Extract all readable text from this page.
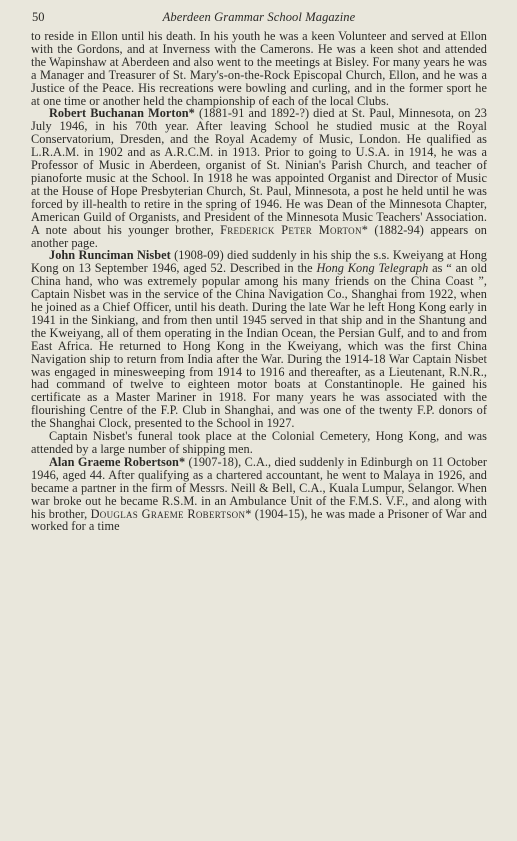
50	Aberdeen Grammar School Magazine

to reside in Ellon until his death. In his youth he was a keen Volunteer and served at Ellon with the Gordons, and at Inverness with the Camerons. He was a keen shot and attended the Wapinshaw at Aberdeen and also went to the meetings at Bisley. For many years he was a Manager and Treasurer of St. Mary's-on-the-Rock Episcopal Church, Ellon, and he was a Justice of the Peace. His recreations were bowling and curling, and in the former sport he at one time or another held the championship of each of the local Clubs.

Robert Buchanan Morton* (1881-91 and 1892-?) died at St. Paul, Minnesota, on 23 July 1946, in his 70th year. After leaving School he studied music at the Royal Conservatorium, Dresden, and the Royal Academy of Music, London. He qualified as L.R.A.M. in 1902 and as A.R.C.M. in 1913. Prior to going to U.S.A. in 1914, he was a Professor of Music in Aberdeen, organist of St. Ninian's Parish Church, and teacher of pianoforte music at the School. In 1918 he was appointed Organist and Director of Music at the House of Hope Presbyterian Church, St. Paul, Minnesota, a post he held until he was forced by ill-health to retire in the spring of 1946. He was Dean of the Minnesota Chapter, American Guild of Organists, and President of the Minnesota Music Teachers' Association. A note about his younger brother, Frederick Peter Morton* (1882-94) appears on another page.

John Runciman Nisbet (1908-09) died suddenly in his ship the s.s. Kweiyang at Hong Kong on 13 September 1946, aged 52. Described in the Hong Kong Telegraph as “ an old China hand, who was extremely popular among his many friends on the China Coast ”, Captain Nisbet was in the service of the China Navigation Co., Shanghai from 1922, when he joined as a Chief Officer, until his death. During the late War he left Hong Kong early in 1941 in the Sinkiang, and from then until 1945 served in that ship and in the Shantung and the Kweiyang, all of them operating in the Indian Ocean, the Persian Gulf, and to and from East Africa. He returned to Hong Kong in the Kweiyang, which was the first China Navigation ship to return from India after the War. During the 1914-18 War Captain Nisbet was engaged in minesweeping from 1914 to 1916 and thereafter, as a Lieutenant, R.N.R., had command of twelve to eighteen motor boats at Constantinople. He gained his certificate as a Master Mariner in 1918. For many years he was associated with the flourishing Centre of the F.P. Club in Shanghai, and was one of the twenty F.P. donors of the Shanghai Clock, presented to the School in 1927.

Captain Nisbet's funeral took place at the Colonial Cemetery, Hong Kong, and was attended by a large number of shipping men.

Alan Graeme Robertson* (1907-18), C.A., died suddenly in Edinburgh on 11 October 1946, aged 44. After qualifying as a chartered accountant, he went to Malaya in 1926, and became a partner in the firm of Messrs. Neill & Bell, C.A., Kuala Lumpur, Selangor. When war broke out he became R.S.M. in an Ambulance Unit of the F.M.S. V.F., and along with his brother, Douglas Graeme Robertson* (1904-15), he was made a Prisoner of War and worked for a time
